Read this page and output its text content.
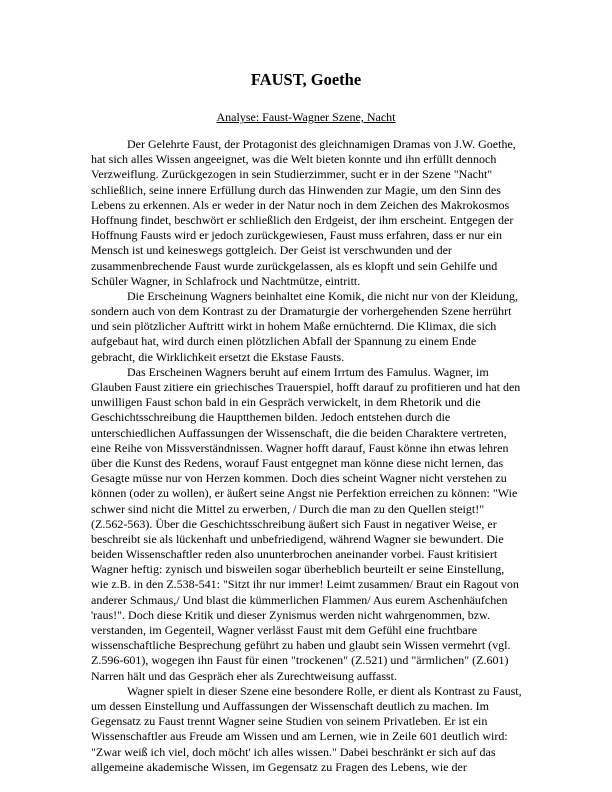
FAUST, Goethe
Analyse: Faust-Wagner Szene, Nacht
Der Gelehrte Faust, der Protagonist des gleichnamigen Dramas von J.W. Goethe,
hat sich alles Wissen angeeignet, was die Welt bieten konnte und ihn erfüllt dennoch
Verzweiflung. Zurückgezogen in sein Studierzimmer, sucht er in der Szene "Nacht"
schließlich, seine innere Erfüllung durch das Hinwenden zur Magie, um den Sinn des
Lebens zu erkennen. Als er weder in der Natur noch in dem Zeichen des Makrokosmos
Hoffnung findet, beschwört er schließlich den Erdgeist, der ihm erscheint. Entgegen der
Hoffnung Fausts wird er jedoch zurückgewiesen, Faust muss erfahren, dass er nur ein
Mensch ist und keineswegs gottgleich. Der Geist ist verschwunden und der
zusammenbrechende Faust wurde zurückgelassen, als es klopft und sein Gehilfe und
Schüler Wagner, in Schlafrock und Nachtmütze, eintritt.
Die Erscheinung Wagners beinhaltet eine Komik, die nicht nur von der Kleidung,
sondern auch von dem Kontrast zu der Dramaturgie der vorhergehenden Szene herrührt
und sein plötzlicher Auftritt wirkt in hohem Maße ernüchternd. Die Klimax, die sich
aufgebaut hat, wird durch einen plötzlichen Abfall der Spannung zu einem Ende
gebracht, die Wirklichkeit ersetzt die Ekstase Fausts.
Das Erscheinen Wagners beruht auf einem Irrtum des Famulus. Wagner, im
Glauben Faust zitiere ein griechisches Trauerspiel, hofft darauf zu profitieren und hat den
unwilligen Faust schon bald in ein Gespräch verwickelt, in dem Rhetorik und die
Geschichtsschreibung die Hauptthemen bilden. Jedoch entstehen durch die
unterschiedlichen Auffassungen der Wissenschaft, die die beiden Charaktere vertreten,
eine Reihe von Missverständnissen. Wagner hofft darauf, Faust könne ihn etwas lehren
über die Kunst des Redens, worauf Faust entgegnet man könne diese nicht lernen, das
Gesagte müsse nur von Herzen kommen. Doch dies scheint Wagner nicht verstehen zu
können (oder zu wollen), er äußert seine Angst nie Perfektion erreichen zu können: "Wie
schwer sind nicht die Mittel zu erwerben, / Durch die man zu den Quellen steigt!"
(Z.562-563). Über die Geschichtsschreibung äußert sich Faust in negativer Weise, er
beschreibt sie als lückenhaft und unbefriedigend, während Wagner sie bewundert. Die
beiden Wissenschaftler reden also ununterbrochen aneinander vorbei. Faust kritisiert
Wagner heftig: zynisch und bisweilen sogar überheblich beurteilt er seine Einstellung,
wie z.B. in den Z.538-541: "Sitzt ihr nur immer! Leimt zusammen/ Braut ein Ragout von
anderer Schmaus,/ Und blast die kümmerlichen Flammen/ Aus eurem Aschenhäufchen
'raus!". Doch diese Kritik und dieser Zynismus werden nicht wahrgenommen, bzw.
verstanden, im Gegenteil, Wagner verlässt Faust mit dem Gefühl eine fruchtbare
wissenschaftliche Besprechung geführt zu haben und glaubt sein Wissen vermehrt (vgl.
Z.596-601), wogegen ihn Faust für einen "trockenen" (Z.521) und "ärmlichen" (Z.601)
Narren hält und das Gespräch eher als Zurechtweisung auffasst.
Wagner spielt in dieser Szene eine besondere Rolle, er dient als Kontrast zu Faust,
um dessen Einstellung und Auffassungen der Wissenschaft deutlich zu machen. Im
Gegensatz zu Faust trennt Wagner seine Studien von seinem Privatleben. Er ist ein
Wissenschaftler aus Freude am Wissen und am Lernen, wie in Zeile 601 deutlich wird:
"Zwar weiß ich viel, doch möcht' ich alles wissen." Dabei beschränkt er sich auf das
allgemeine akademische Wissen, im Gegensatz zu Fragen des Lebens, wie der
